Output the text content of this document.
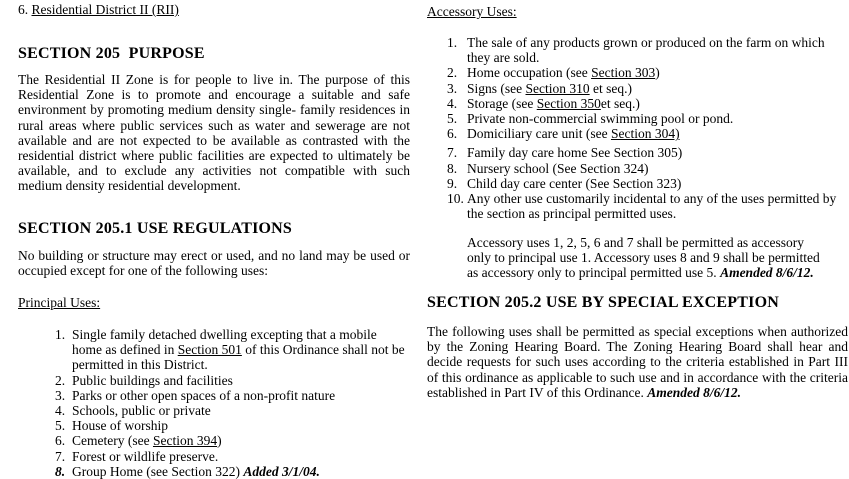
6. Residential District II (RII)
SECTION 205  PURPOSE
The Residential II Zone is for people to live in. The purpose of this Residential Zone is to promote and encourage a suitable and safe environment by promoting medium density single- family residences in rural areas where public services such as water and sewerage are not available and are not expected to be available as contrasted with the residential district where public facilities are expected to ultimately be available, and to exclude any activities not compatible with such medium density residential development.
SECTION 205.1 USE REGULATIONS
No building or structure may erect or used, and no land may be used or occupied except for one of the following uses:
Principal Uses:
1. Single family detached dwelling excepting that a mobile home as defined in Section 501 of this Ordinance shall not be permitted in this District.
2. Public buildings and facilities
3. Parks or other open spaces of a non-profit nature
4. Schools, public or private
5. House of worship
6. Cemetery (see Section 394)
7. Forest or wildlife preserve.
8. Group Home (see Section 322) Added 3/1/04.
Accessory Uses:
1. The sale of any products grown or produced on the farm on which they are sold.
2. Home occupation (see Section 303)
3. Signs (see Section 310 et seq.)
4. Storage (see Section 350et seq.)
5. Private non-commercial swimming pool or pond.
6. Domiciliary care unit (see Section 304)
7. Family day care home See Section 305)
8. Nursery school (See Section 324)
9. Child day care center (See Section 323)
10. Any other use customarily incidental to any of the uses permitted by the section as principal permitted uses.
Accessory uses 1, 2, 5, 6 and 7 shall be permitted as accessory only to principal use 1. Accessory uses 8 and 9 shall be permitted as accessory only to principal permitted use 5. Amended 8/6/12.
SECTION 205.2 USE BY SPECIAL EXCEPTION
The following uses shall be permitted as special exceptions when authorized by the Zoning Hearing Board. The Zoning Hearing Board shall hear and decide requests for such uses according to the criteria established in Part III of this ordinance as applicable to such use and in accordance with the criteria established in Part IV of this Ordinance. Amended 8/6/12.
